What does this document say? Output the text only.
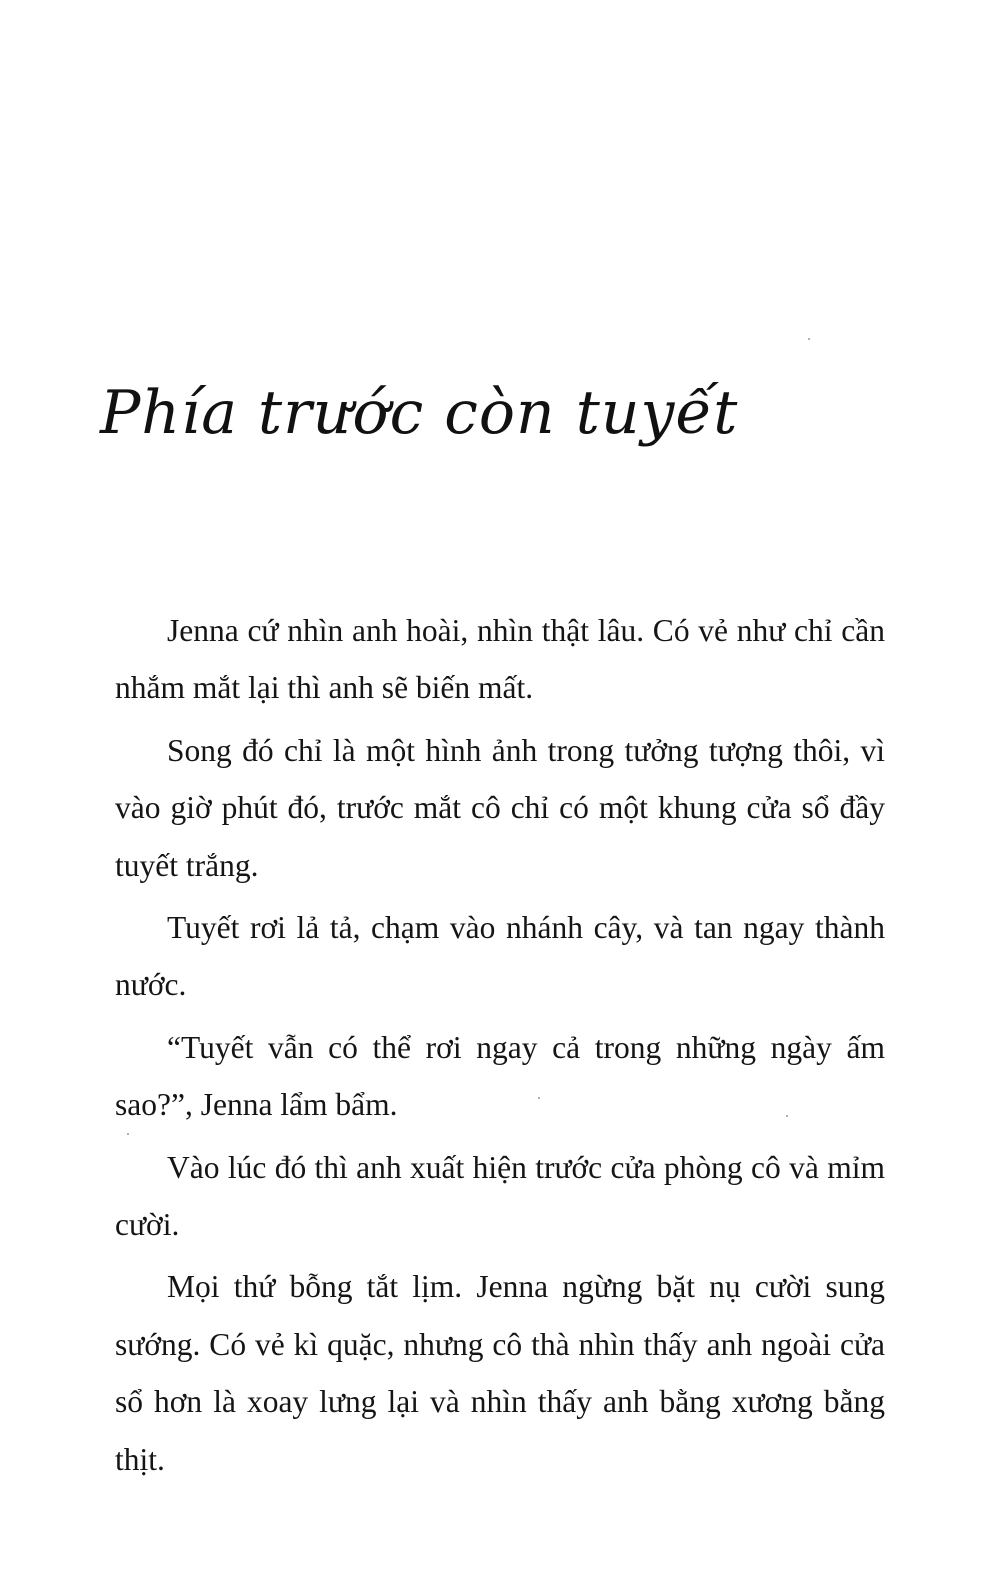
Phía trước còn tuyết

Jenna cứ nhìn anh hoài, nhìn thật lâu. Có vẻ như chỉ cần nhắm mắt lại thì anh sẽ biến mất.

Song đó chỉ là một hình ảnh trong tưởng tượng thôi, vì vào giờ phút đó, trước mắt cô chỉ có một khung cửa sổ đầy tuyết trắng.

Tuyết rơi lả tả, chạm vào nhánh cây, và tan ngay thành nước.

“Tuyết vẫn có thể rơi ngay cả trong những ngày ấm sao?”, Jenna lẩm bẩm.

Vào lúc đó thì anh xuất hiện trước cửa phòng cô và mỉm cười.

Mọi thứ bỗng tắt lịm. Jenna ngừng bặt nụ cười sung sướng. Có vẻ kì quặc, nhưng cô thà nhìn thấy anh ngoài cửa sổ hơn là xoay lưng lại và nhìn thấy anh bằng xương bằng thịt.
